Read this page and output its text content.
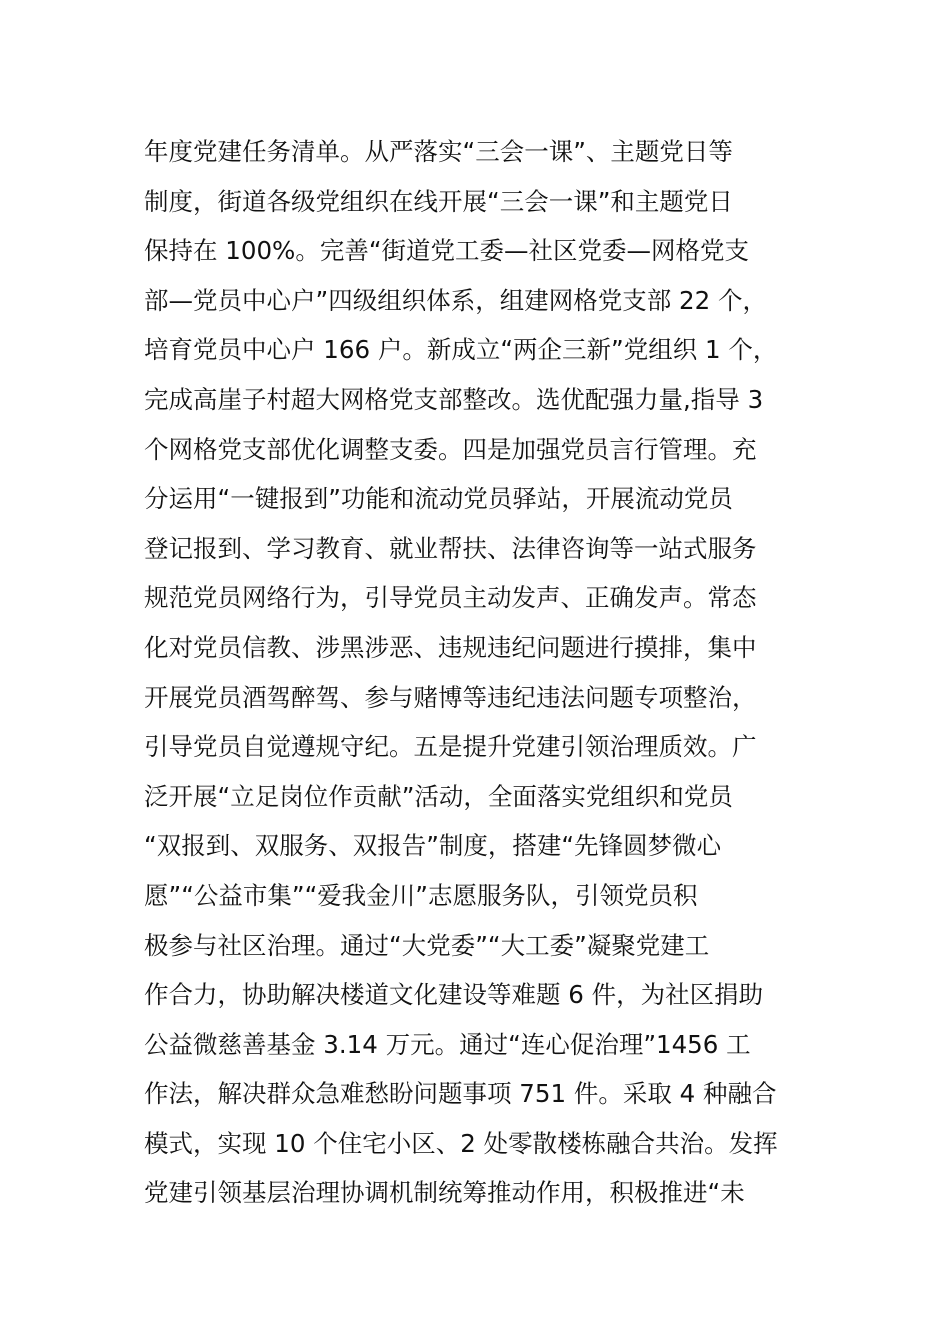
年度党建任务清单。从严落实“三会一课”、主题党日等
制度，街道各级党组织在线开展“三会一课”和主题党日
保持在 100%。完善“街道党工委—社区党委—网格党支
部—党员中心户”四级组织体系，组建网格党支部 22 个，
培育党员中心户 166 户。新成立“两企三新”党组织 1 个，
完成高崖子村超大网格党支部整改。选优配强力量,指导 3
个网格党支部优化调整支委。四是加强党员言行管理。充
分运用“一键报到”功能和流动党员驿站，开展流动党员
登记报到、学习教育、就业帮扶、法律咨询等一站式服务
规范党员网络行为，引导党员主动发声、正确发声。常态
化对党员信教、涉黑涉恶、违规违纪问题进行摸排，集中
开展党员酒驾醉驾、参与赌博等违纪违法问题专项整治，
引导党员自觉遵规守纪。五是提升党建引领治理质效。广
泛开展“立足岗位作贡献”活动，全面落实党组织和党员
“双报到、双服务、双报告”制度，搭建“先锋圆梦微心
愿”“公益市集”“爱我金川”志愿服务队，引领党员积
极参与社区治理。通过“大党委”“大工委”凝聚党建工
作合力，协助解决楼道文化建设等难题 6 件，为社区捐助
公益微慈善基金 3.14 万元。通过“连心促治理”1456 工
作法，解决群众急难愁盼问题事项 751 件。采取 4 种融合
模式，实现 10 个住宅小区、2 处零散楼栋融合共治。发挥
党建引领基层治理协调机制统筹推动作用，积极推进“未
